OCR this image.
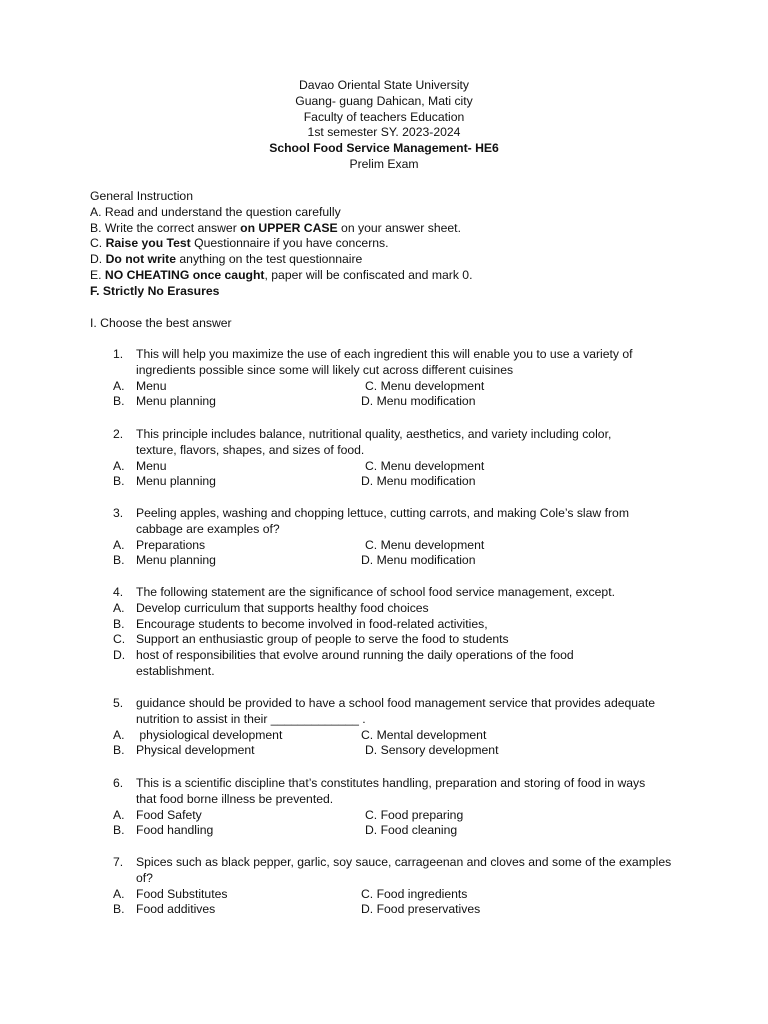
Davao Oriental State University
Guang- guang Dahican, Mati city
Faculty of teachers Education
1st semester SY. 2023-2024
School Food Service Management- HE6
Prelim Exam
General Instruction
A. Read and understand the question carefully
B. Write the correct answer on UPPER CASE on your answer sheet.
C. Raise you Test Questionnaire if you have concerns.
D. Do not write anything on the test questionnaire
E. NO CHEATING once caught, paper will be confiscated and mark 0.
F. Strictly No Erasures
I. Choose the best answer
1. This will help you maximize the use of each ingredient this will enable you to use a variety of
ingredients possible since some will likely cut across different cuisines
A. Menu	C. Menu development
B. Menu planning	D. Menu modification
2. This principle includes balance, nutritional quality, aesthetics, and variety including color,
texture, flavors, shapes, and sizes of food.
A. Menu	C. Menu development
B. Menu planning	D. Menu modification
3. Peeling apples, washing and chopping lettuce, cutting carrots, and making Cole’s slaw from
cabbage are examples of?
A. Preparations	C. Menu development
B. Menu planning	D. Menu modification
4. The following statement are the significance of school food service management, except.
A. Develop curriculum that supports healthy food choices
B. Encourage students to become involved in food-related activities,
C. Support an enthusiastic group of people to serve the food to students
D. host of responsibilities that evolve around running the daily operations of the food
establishment.
5. guidance should be provided to have a school food management service that provides adequate
nutrition to assist in their _____________ .
A. physiological development	C. Mental development
B. Physical development	D. Sensory development
6. This is a scientific discipline that’s constitutes handling, preparation and storing of food in ways
that food borne illness be prevented.
A. Food Safety	C. Food preparing
B. Food handling	D. Food cleaning
7. Spices such as black pepper, garlic, soy sauce, carrageenan and cloves and some of the examples
of?
A. Food Substitutes	C. Food ingredients
B. Food additives	D. Food preservatives
